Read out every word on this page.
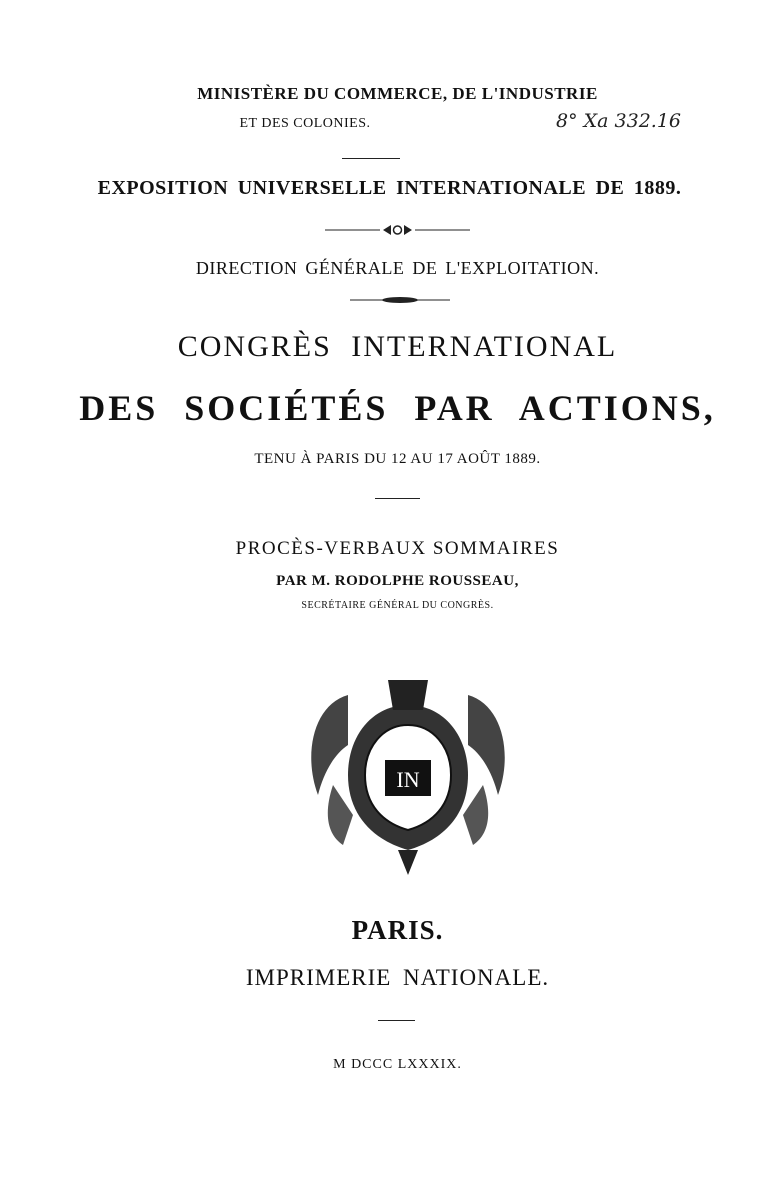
MINISTÈRE DU COMMERCE, DE L'INDUSTRIE
ET DES COLONIES.	8° Xa 332.16
EXPOSITION UNIVERSELLE INTERNATIONALE DE 1889.
DIRECTION GÉNÉRALE DE L'EXPLOITATION.
CONGRÈS INTERNATIONAL
DES SOCIÉTÉS PAR ACTIONS,
TENU À PARIS DU 12 AU 17 AOÛT 1889.
PROCÈS-VERBAUX SOMMAIRES
PAR M. RODOLPHE ROUSSEAU,
SECRÉTAIRE GÉNÉRAL DU CONGRÈS.
IN
PARIS.
IMPRIMERIE NATIONALE.
M DCCC LXXXIX.
